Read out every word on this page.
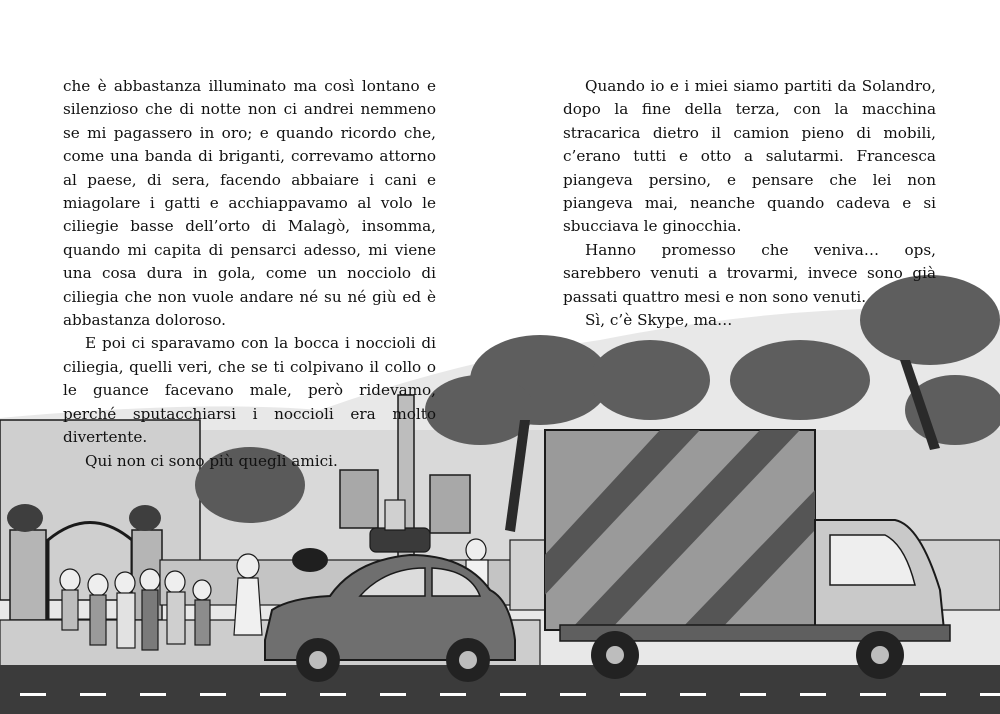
che è abbastanza illuminato ma così lontano e silenzioso che di notte non ci andrei nemmeno se mi pagassero in oro; e quando ricordo che, come una banda di briganti, correvamo attorno al paese, di sera, facendo abbaiare i cani e miagolare i gatti e acchiappavamo al volo le ciliegie basse dell’orto di Malagò, insomma, quando mi capita di pensarci adesso, mi viene una cosa dura in gola, come un nocciolo di ciliegia che non vuole andare né su né giù ed è abbastanza doloroso.

E poi ci sparavamo con la bocca i noccioli di ciliegia, quelli veri, che se ti colpivano il collo o le guance facevano male, però ridevamo, perché sputacchiarsi i noccioli era molto divertente.

Qui non ci sono più quegli amici.

Quando io e i miei siamo partiti da Solandro, dopo la fine della terza, con la macchina stracarica dietro il camion pieno di mobili, c’erano tutti e otto a salutarmi. Francesca piangeva persino, e pensare che lei non piangeva mai, neanche quando cadeva e si sbucciava le ginocchia.

Hanno promesso che veniva… ops, sarebbero venuti a trovarmi, invece sono già passati quattro mesi e non sono venuti.

Sì, c’è Skype, ma…
